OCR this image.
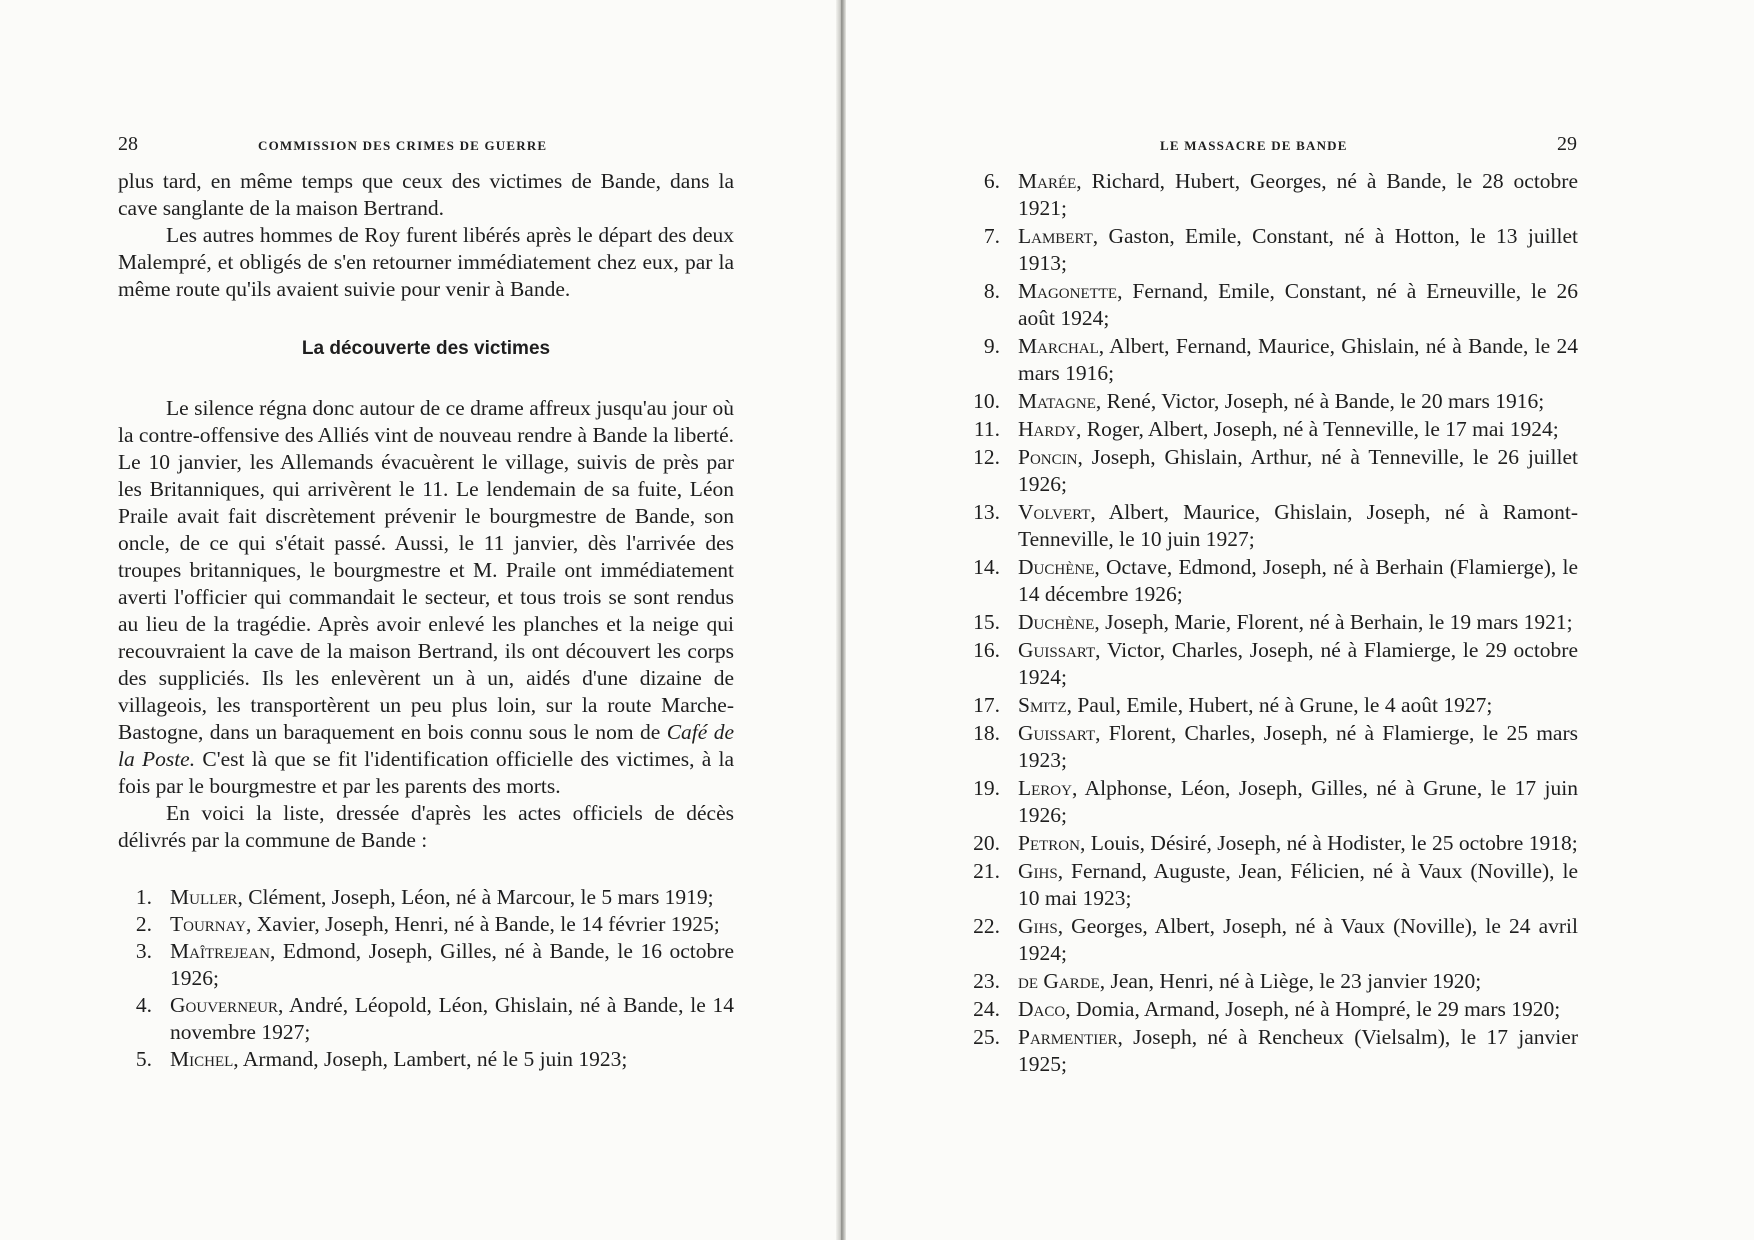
28	COMMISSION DES CRIMES DE GUERRE

plus tard, en même temps que ceux des victimes de Bande, dans la cave sanglante de la maison Bertrand.

Les autres hommes de Roy furent libérés après le départ des deux Malempré, et obligés de s'en retourner immédiatement chez eux, par la même route qu'ils avaient suivie pour venir à Bande.

La découverte des victimes

Le silence régna donc autour de ce drame affreux jusqu'au jour où la contre-offensive des Alliés vint de nouveau rendre à Bande la liberté. Le 10 janvier, les Allemands évacuèrent le village, suivis de près par les Britanniques, qui arrivèrent le 11. Le lendemain de sa fuite, Léon Praile avait fait discrètement prévenir le bourgmestre de Bande, son oncle, de ce qui s'était passé. Aussi, le 11 janvier, dès l'arrivée des troupes britanniques, le bourgmestre et M. Praile ont immédiatement averti l'officier qui commandait le secteur, et tous trois se sont rendus au lieu de la tragédie. Après avoir enlevé les planches et la neige qui recouvraient la cave de la maison Bertrand, ils ont découvert les corps des suppliciés. Ils les enlevèrent un à un, aidés d'une dizaine de villageois, les transportèrent un peu plus loin, sur la route Marche-Bastogne, dans un baraquement en bois connu sous le nom de Café de la Poste. C'est là que se fit l'identification officielle des victimes, à la fois par le bourgmestre et par les parents des morts.

En voici la liste, dressée d'après les actes officiels de décès délivrés par la commune de Bande :

1. Muller, Clément, Joseph, Léon, né à Marcour, le 5 mars 1919;
2. Tournay, Xavier, Joseph, Henri, né à Bande, le 14 février 1925;
3. Maîtrejean, Edmond, Joseph, Gilles, né à Bande, le 16 octobre 1926;
4. Gouverneur, André, Léopold, Léon, Ghislain, né à Bande, le 14 novembre 1927;
5. Michel, Armand, Joseph, Lambert, né le 5 juin 1923;
LE MASSACRE DE BANDE	29
6. Marée, Richard, Hubert, Georges, né à Bande, le 28 octobre 1921;
7. Lambert, Gaston, Emile, Constant, né à Hotton, le 13 juillet 1913;
8. Magonette, Fernand, Emile, Constant, né à Erneuville, le 26 août 1924;
9. Marchal, Albert, Fernand, Maurice, Ghislain, né à Bande, le 24 mars 1916;
10. Matagne, René, Victor, Joseph, né à Bande, le 20 mars 1916;
11. Hardy, Roger, Albert, Joseph, né à Tenneville, le 17 mai 1924;
12. Poncin, Joseph, Ghislain, Arthur, né à Tenneville, le 26 juillet 1926;
13. Volvert, Albert, Maurice, Ghislain, Joseph, né à Ramont-Tenneville, le 10 juin 1927;
14. Duchène, Octave, Edmond, Joseph, né à Berhain (Flamierge), le 14 décembre 1926;
15. Duchène, Joseph, Marie, Florent, né à Berhain, le 19 mars 1921;
16. Guissart, Victor, Charles, Joseph, né à Flamierge, le 29 octobre 1924;
17. Smitz, Paul, Emile, Hubert, né à Grune, le 4 août 1927;
18. Guissart, Florent, Charles, Joseph, né à Flamierge, le 25 mars 1923;
19. Leroy, Alphonse, Léon, Joseph, Gilles, né à Grune, le 17 juin 1926;
20. Petron, Louis, Désiré, Joseph, né à Hodister, le 25 octobre 1918;
21. Gihs, Fernand, Auguste, Jean, Félicien, né à Vaux (Noville), le 10 mai 1923;
22. Gihs, Georges, Albert, Joseph, né à Vaux (Noville), le 24 avril 1924;
23. de Garde, Jean, Henri, né à Liège, le 23 janvier 1920;
24. Daco, Domia, Armand, Joseph, né à Hompré, le 29 mars 1920;
25. Parmentier, Joseph, né à Rencheux (Vielsalm), le 17 janvier 1925;
